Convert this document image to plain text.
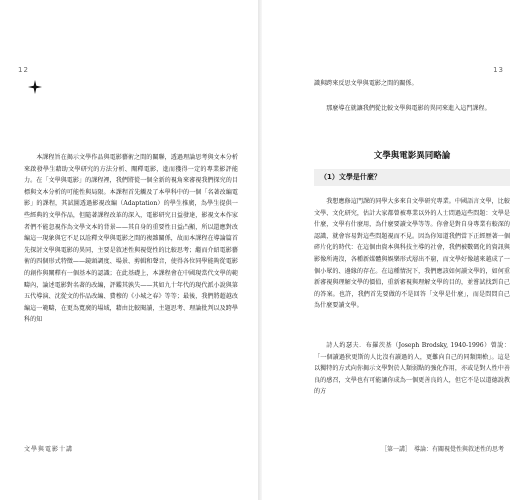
12

本課程旨在揭示文學作品與電影藝術之間的關聯，透過理論思考與文本分析來啟發學生藉助文學研究的方法分析、闡釋電影，進而獲得一定的專業影評能力。在「文學與電影」的課程裡，我們將從一個全新的視角來審視我們探究的目標與文本分析的可能性與局限。本課程首先觸及了本學科中的一個「名著改編電影」的課程，其試圖透過影視改編（Adaptation）的學生推廣，為學生提供一些經典的文學作品，但隨著課程改革的深入，電影研究日益發達，影視文本作家者們不能忽視作為文學文本的背景——其自身的重要性日益凸顯，所以還應對改編這一現象與它不足以詮釋文學與電影之間的複雜關係，故而本課程在導論篇首先探討文學與電影的異同，主要是敘述性與視覺性的比較思考；繼而介紹電影藝術的四個形式特徵——鏡頭調度、場景、剪輯和聲音，使得各位同學能夠從電影的創作與闡釋有一個基本的認識；在此基礎上，本課程會在中國現當代文學的範疇內，論述電影對名著的改編，評鑑其孰失——其如九十年代的現代派小說與第五代導演、沈從文的作品改編、費穆的《小城之春》等等；最後，我們將超越改編這一範疇，在更為寬廣的場域，藉由比較閱讀，主題思考、理論批判以及跨學科的知

文學與電影十講
13

識與跨來反思文學與電影之間的關係。

那麼導在就讓我們從比較文學與電影的異同來進入這門課程。

文學與電影異同略論
（1）文學是什麼？

我想應修這門課的同學大多來自文學研究專業。中國語言文學，比較文學、文化研究，估計大家都曾被專業以外的人士問過這些問題：文學是什麼，文學有什麼用，為什麼要讀文學等等。你會是對自身專業有較深的認識，就會容易對這些問題視而不見。因為你知道我們當下正經歷著一個碎片化的時代：在這個由資本與科技主導的社會，我們被數碼化的資訊與影像所淹沒，各種新媒體與娛樂形式層出不窮，而文學好像越來越成了一個小眾的、邊緣的存在。在這種情況下，我們應該如何讀文學的，如何重新審視與理解文學的價值，重新審視與理解文學的目的，並嘗試找到自己的答案。也許，我們首先要做的不是回答「文學是什麼」，而是問問自己為什麼要讀文學。

詩人約瑟夫．布羅茨基（Joseph Brodsky, 1940-1996）曾說：「一個讀過狄更斯的人比沒有讀過的人，更難向自己的同類開槍」。這是以獨特的方式向你揭示文學對於人類弱點的強化作用，亦或是對人性中善良的感召，文學也有可能讓你成為一個更善良的人，但它不是以道德說教的方

［第一講］　導論：有關視覺性與敘述性的思考
